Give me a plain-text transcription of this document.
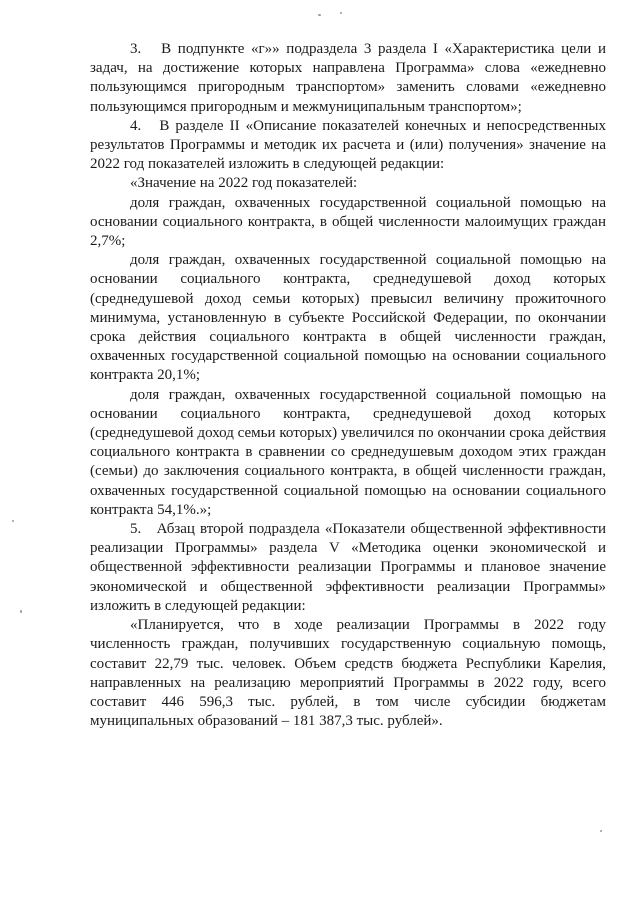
3.   В подпункте «г»» подраздела 3 раздела I «Характеристика цели и задач, на достижение которых направлена Программа» слова «ежедневно пользующимся пригородным транспортом» заменить словами «ежедневно пользующимся пригородным и межмуниципальным транспортом»;

4.   В разделе II «Описание показателей конечных и непосредственных результатов Программы и методик их расчета и (или) получения» значение на 2022 год показателей изложить в следующей редакции:

«Значение на 2022 год показателей:

доля граждан, охваченных государственной социальной помощью на основании социального контракта, в общей численности малоимущих граждан 2,7%;

доля граждан, охваченных государственной социальной помощью на основании социального контракта, среднедушевой доход которых (среднедушевой доход семьи которых) превысил величину прожиточного минимума, установленную в субъекте Российской Федерации, по окончании срока действия социального контракта в общей численности граждан, охваченных государственной социальной помощью на основании социального контракта 20,1%;

доля граждан, охваченных государственной социальной помощью на основании социального контракта, среднедушевой доход которых (среднедушевой доход семьи которых) увеличился по окончании срока действия социального контракта в сравнении со среднедушевым доходом этих граждан (семьи) до заключения социального контракта, в общей численности граждан, охваченных государственной социальной помощью на основании социального контракта 54,1%.»;

5.   Абзац второй подраздела «Показатели общественной эффективности реализации Программы» раздела V «Методика оценки экономической и общественной эффективности реализации Программы и плановое значение экономической и общественной эффективности реализации Программы» изложить в следующей редакции:

«Планируется, что в ходе реализации Программы в 2022 году численность граждан, получивших государственную социальную помощь, составит 22,79 тыс. человек. Объем средств бюджета Республики Карелия, направленных на реализацию мероприятий Программы в 2022 году, всего составит 446 596,3 тыс. рублей, в том числе субсидии бюджетам муниципальных образований – 181 387,3 тыс. рублей».
